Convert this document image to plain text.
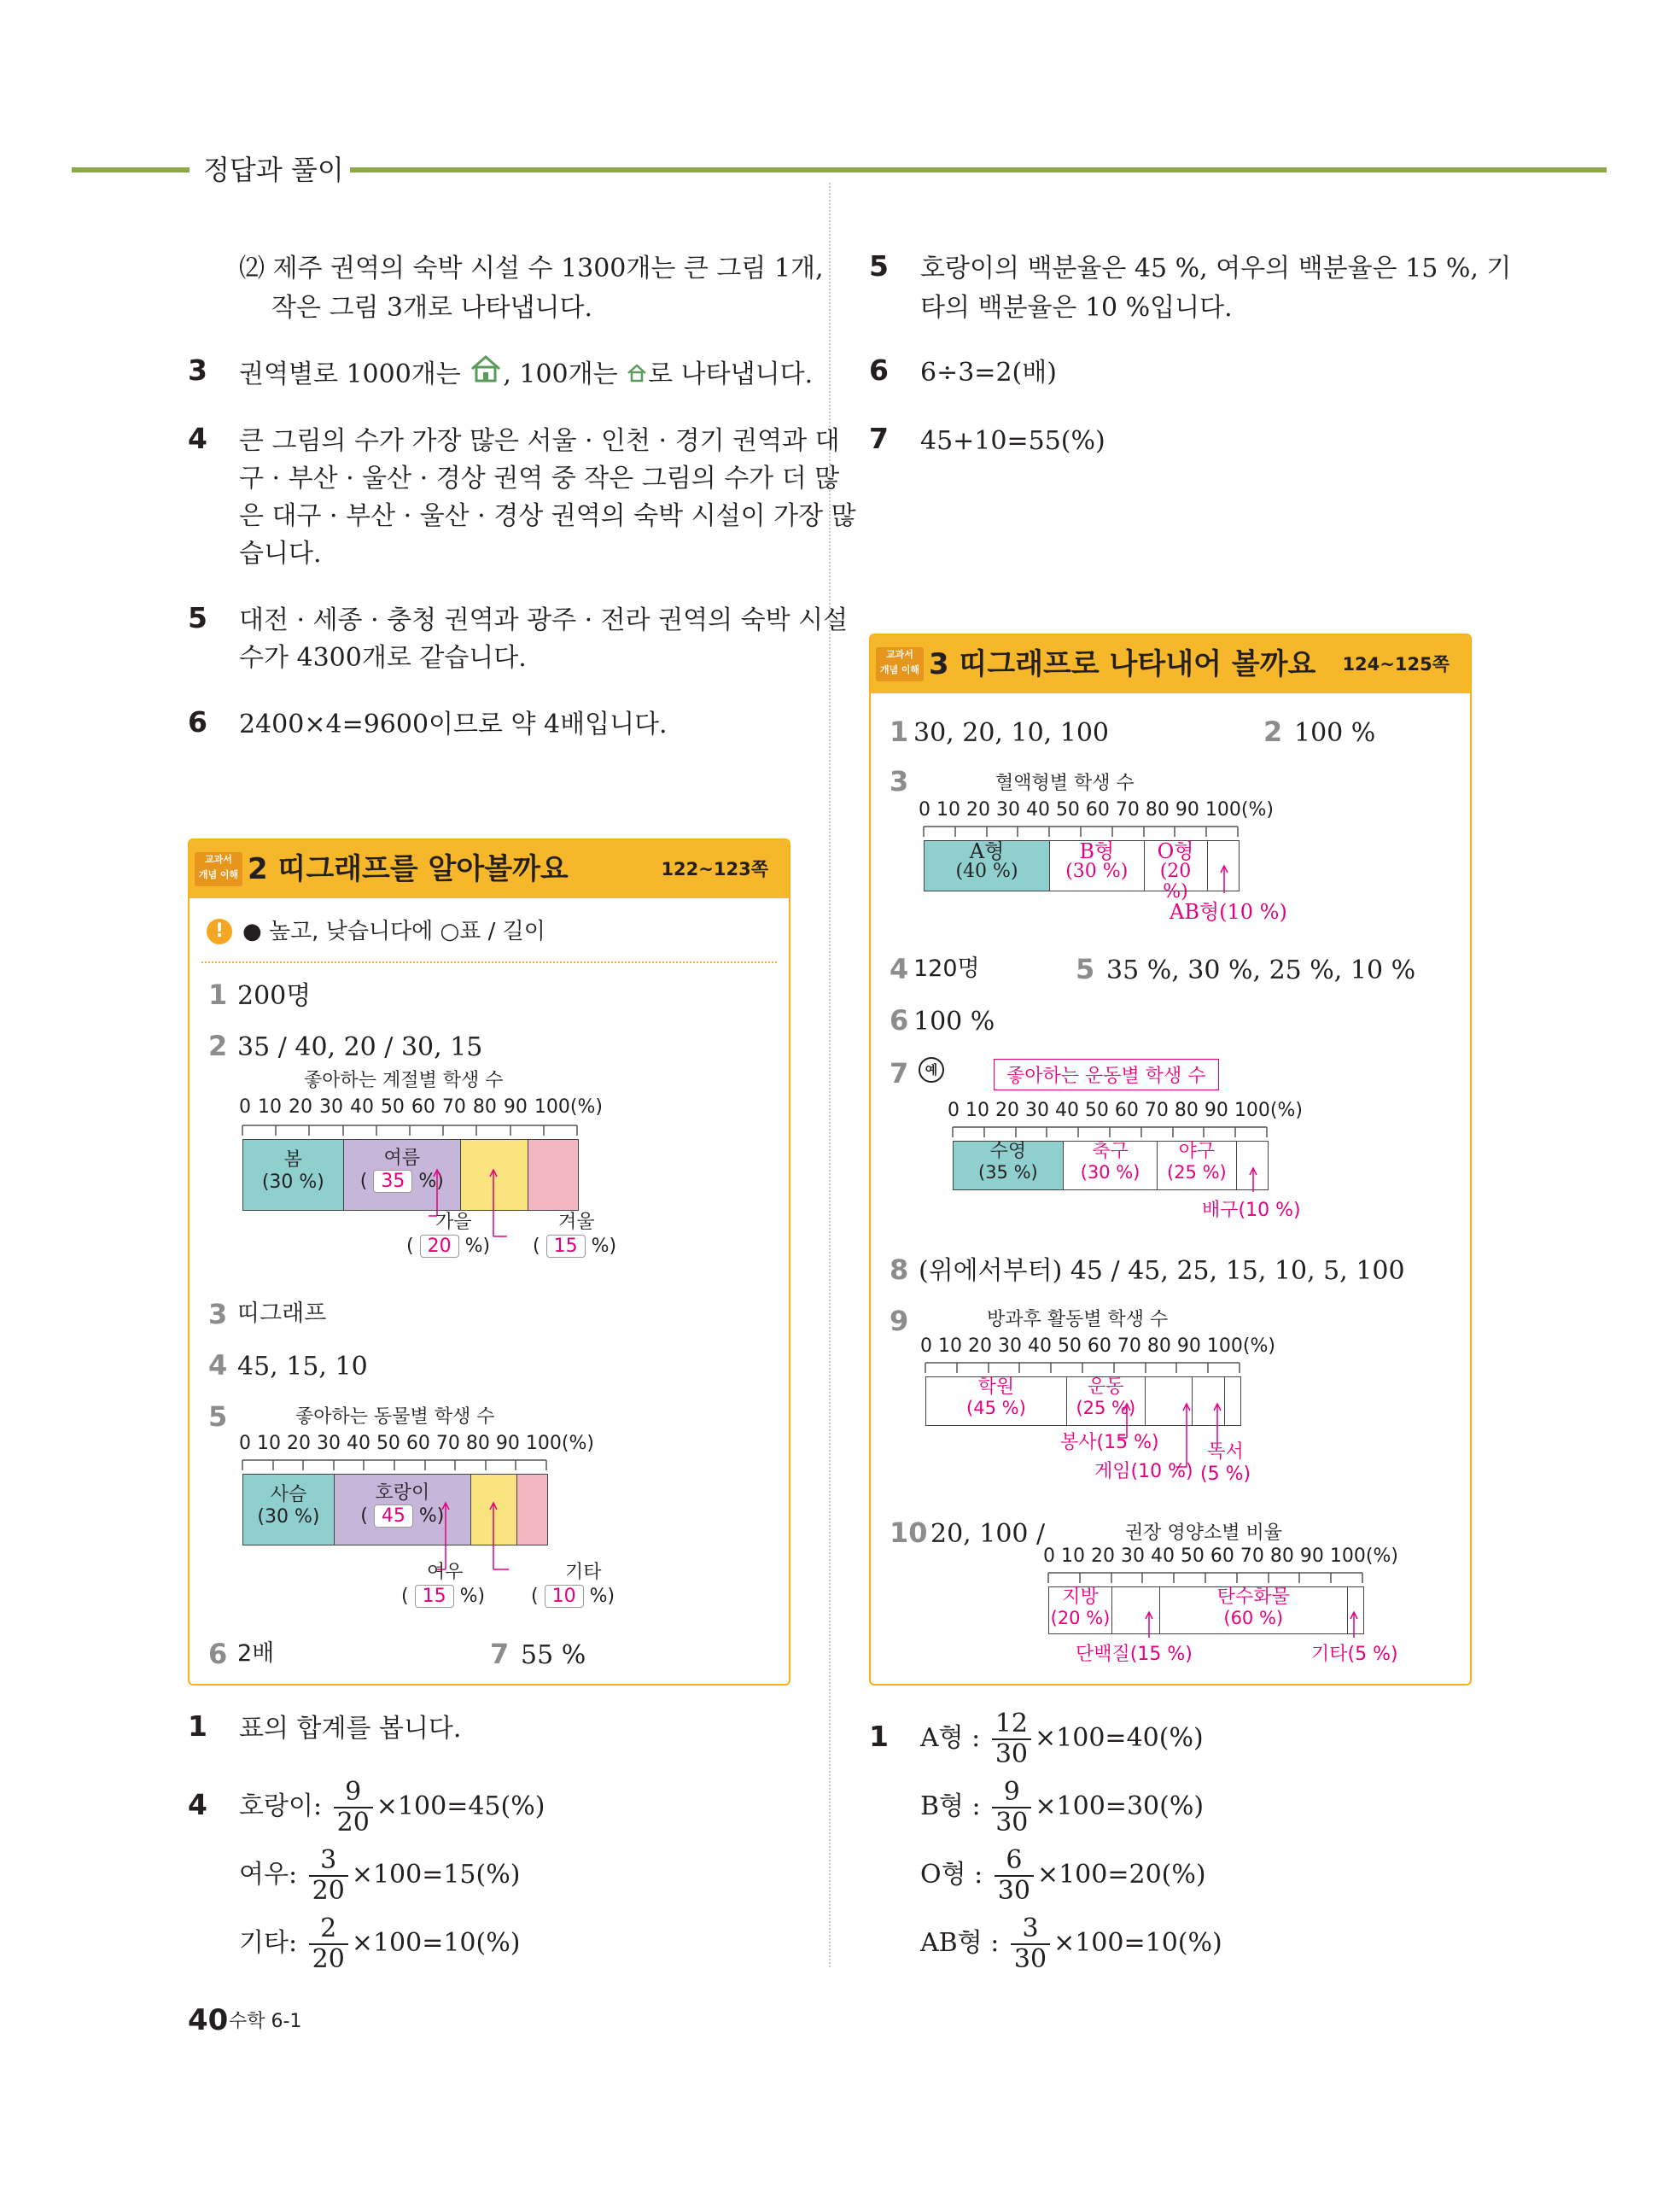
정답과 풀이
⑵ 제주 권역의 숙박 시설 수 1300개는 큰 그림 1개,
작은 그림 3개로 나타냅니다.
3 권역별로 1000개는 , 100개는 로 나타냅니다.
4 큰 그림의 수가 가장 많은 서울 · 인천 · 경기 권역과 대
구 · 부산 · 울산 · 경상 권역 중 작은 그림의 수가 더 많
은 대구 · 부산 · 울산 · 경상 권역의 숙박 시설이 가장 많
습니다.
5 대전 · 세종 · 충청 권역과 광주 · 전라 권역의 숙박 시설
수가 4300개로 같습니다.
6 2400×4=9600이므로 약 4배입니다.
교과서
개념 이해 2 띠그래프를 알아볼까요	122~123쪽
! ● 높고, 낮습니다에 ○표 / 길이
1 200명
2 35 / 40, 20 / 30, 15
좋아하는 계절별 학생 수
0 10 20 30 40 50 60 70 80 90 100(%)
봄
(30 %)
여름
( 35 %)
가을	겨울
( 20 %) ( 15 %)
3 띠그래프
4 45, 15, 10
5	좋아하는 동물별 학생 수
0 10 20 30 40 50 60 70 80 90 100(%)
사슴
(30 %)
호랑이
( 45 %)
여우	기타
( 15 %) ( 10 %)
6 2배	7 55 %
1 표의 합계를 봅니다.
4 호랑이: $\frac{9}{20} \times 100=45(\%)$
여우: $\frac{3}{20} \times 100=15(\%)$
기타: $\frac{2}{20} \times 100=10(\%)$
5 호랑이의 백분율은 45 %, 여우의 백분율은 15 %, 기
타의 백분율은 10 %입니다.
6 6÷3=2(배)
7 45+10=55(%)
교과서
개념 이해 3 띠그래프로 나타내어 볼까요 124~125쪽
1 30, 20, 10, 100	2 100 %
3	혈액형별 학생 수
0 10 20 30 40 50 60 70 80 90 100(%)
A형
(40 %)
B형
(30 %)
O형
(20 %)
AB형(10 %)
4 120명	5 35 %, 30 %, 25 %, 10 %
6 100 %
7	예	좋아하는 운동별 학생 수
0 10 20 30 40 50 60 70 80 90 100(%)
수영
(35 %)
축구
(30 %)
야구
(25 %)
배구(10 %)
8 (위에서부터) 45 / 45, 25, 15, 10, 5, 100
9	방과후 활동별 학생 수
0 10 20 30 40 50 60 70 80 90 100(%)
학원
(45 %)
운동
(25 %)
봉사(15 %)
게임(10 %)
독서
(5 %)
10 20, 100 /	권장 영양소별 비율
0 10 20 30 40 50 60 70 80 90 100(%)
지방
(20 %)
탄수화물
(60 %)
단백질(15 %)	기타(5 %)
1 A형 : $\frac{12}{30} \times 100=40(\%)$
B형 : $\frac{9}{30} \times 100=30(\%)$
O형 : $\frac{6}{30} \times 100=20(\%)$
AB형 : $\frac{3}{30} \times 100=10(\%)$
40 수학 6-1
